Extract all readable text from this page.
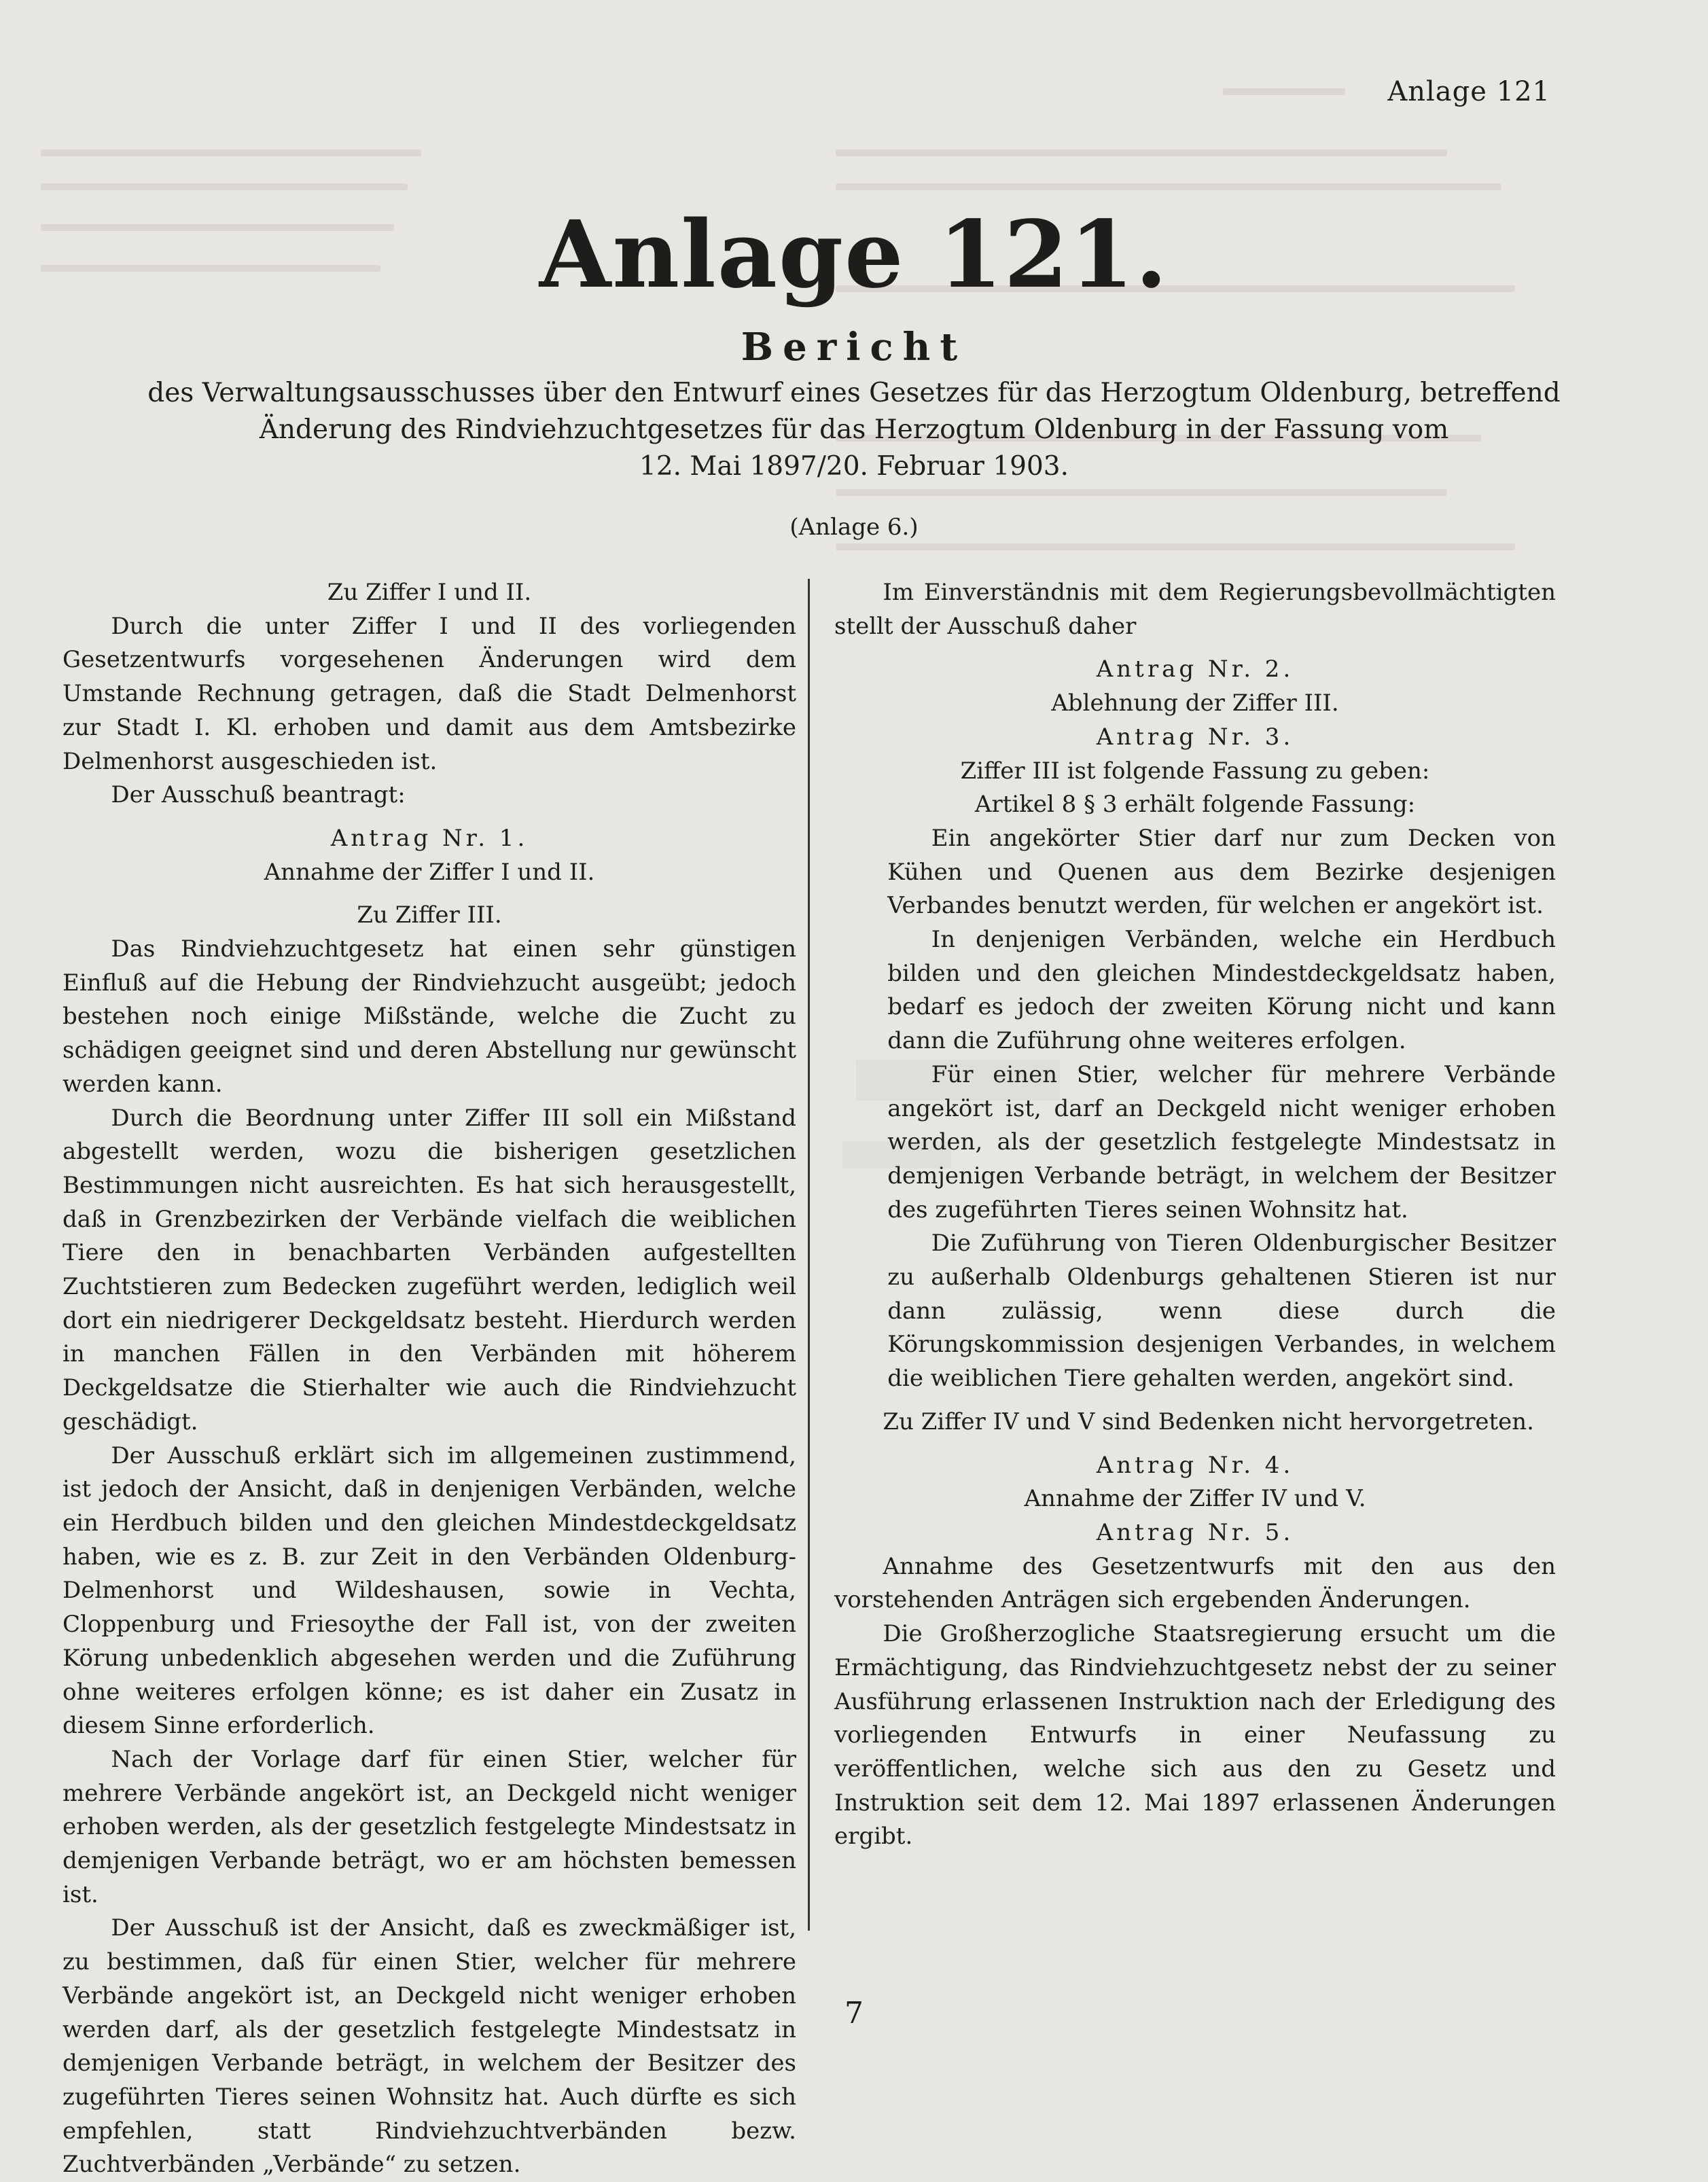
Anlage 121
Anlage 121.
Bericht
des Verwaltungsausschusses über den Entwurf eines Gesetzes für das Herzogtum Oldenburg, betreffend
Änderung des Rindviehzuchtgesetzes für das Herzogtum Oldenburg in der Fassung vom
12. Mai 1897/20. Februar 1903.
(Anlage 6.)

Zu Ziffer I und II.

Durch die unter Ziffer I und II des vorliegenden Gesetzentwurfs vorgesehenen Änderungen wird dem Umstande Rechnung getragen, daß die Stadt Delmenhorst zur Stadt I. Kl. erhoben und damit aus dem Amtsbezirke Delmenhorst ausgeschieden ist.

Der Ausschuß beantragt:

Antrag Nr. 1.

Annahme der Ziffer I und II.

Zu Ziffer III.

Das Rindviehzuchtgesetz hat einen sehr günstigen Einfluß auf die Hebung der Rindviehzucht ausgeübt; jedoch bestehen noch einige Mißstände, welche die Zucht zu schädigen geeignet sind und deren Abstellung nur gewünscht werden kann.

Durch die Beordnung unter Ziffer III soll ein Mißstand abgestellt werden, wozu die bisherigen gesetzlichen Bestimmungen nicht ausreichten. Es hat sich herausgestellt, daß in Grenzbezirken der Verbände vielfach die weiblichen Tiere den in benachbarten Verbänden aufgestellten Zuchtstieren zum Bedecken zugeführt werden, lediglich weil dort ein niedrigerer Deckgeldsatz besteht. Hierdurch werden in manchen Fällen in den Verbänden mit höherem Deckgeldsatze die Stierhalter wie auch die Rindviehzucht geschädigt.

Der Ausschuß erklärt sich im allgemeinen zustimmend, ist jedoch der Ansicht, daß in denjenigen Verbänden, welche ein Herdbuch bilden und den gleichen Mindestdeckgeldsatz haben, wie es z. B. zur Zeit in den Verbänden Oldenburg-Delmenhorst und Wildeshausen, sowie in Vechta, Cloppenburg und Friesoythe der Fall ist, von der zweiten Körung unbedenklich abgesehen werden und die Zuführung ohne weiteres erfolgen könne; es ist daher ein Zusatz in diesem Sinne erforderlich.

Nach der Vorlage darf für einen Stier, welcher für mehrere Verbände angekört ist, an Deckgeld nicht weniger erhoben werden, als der gesetzlich festgelegte Mindestsatz in demjenigen Verbande beträgt, wo er am höchsten bemessen ist.

Der Ausschuß ist der Ansicht, daß es zweckmäßiger ist, zu bestimmen, daß für einen Stier, welcher für mehrere Verbände angekört ist, an Deckgeld nicht weniger erhoben werden darf, als der gesetzlich festgelegte Mindestsatz in demjenigen Verbande beträgt, in welchem der Besitzer des zugeführten Tieres seinen Wohnsitz hat. Auch dürfte es sich empfehlen, statt Rindviehzuchtverbänden bezw. Zuchtverbänden „Verbände“ zu setzen.

Im Einverständnis mit dem Regierungsbevollmächtigten stellt der Ausschuß daher

Antrag Nr. 2.

Ablehnung der Ziffer III.

Antrag Nr. 3.

Ziffer III ist folgende Fassung zu geben:

Artikel 8 § 3 erhält folgende Fassung:

Ein angekörter Stier darf nur zum Decken von Kühen und Quenen aus dem Bezirke desjenigen Verbandes benutzt werden, für welchen er angekört ist.

In denjenigen Verbänden, welche ein Herdbuch bilden und den gleichen Mindestdeckgeldsatz haben, bedarf es jedoch der zweiten Körung nicht und kann dann die Zuführung ohne weiteres erfolgen.

Für einen Stier, welcher für mehrere Verbände angekört ist, darf an Deckgeld nicht weniger erhoben werden, als der gesetzlich festgelegte Mindestsatz in demjenigen Verbande beträgt, in welchem der Besitzer des zugeführten Tieres seinen Wohnsitz hat.

Die Zuführung von Tieren Oldenburgischer Besitzer zu außerhalb Oldenburgs gehaltenen Stieren ist nur dann zulässig, wenn diese durch die Körungskommission desjenigen Verbandes, in welchem die weiblichen Tiere gehalten werden, angekört sind.

Zu Ziffer IV und V sind Bedenken nicht hervorgetreten.

Antrag Nr. 4.

Annahme der Ziffer IV und V.

Antrag Nr. 5.

Annahme des Gesetzentwurfs mit den aus den vorstehenden Anträgen sich ergebenden Änderungen.

Die Großherzogliche Staatsregierung ersucht um die Ermächtigung, das Rindviehzuchtgesetz nebst der zu seiner Ausführung erlassenen Instruktion nach der Erledigung des vorliegenden Entwurfs in einer Neufassung zu veröffentlichen, welche sich aus den zu Gesetz und Instruktion seit dem 12. Mai 1897 erlassenen Änderungen ergibt.

7
